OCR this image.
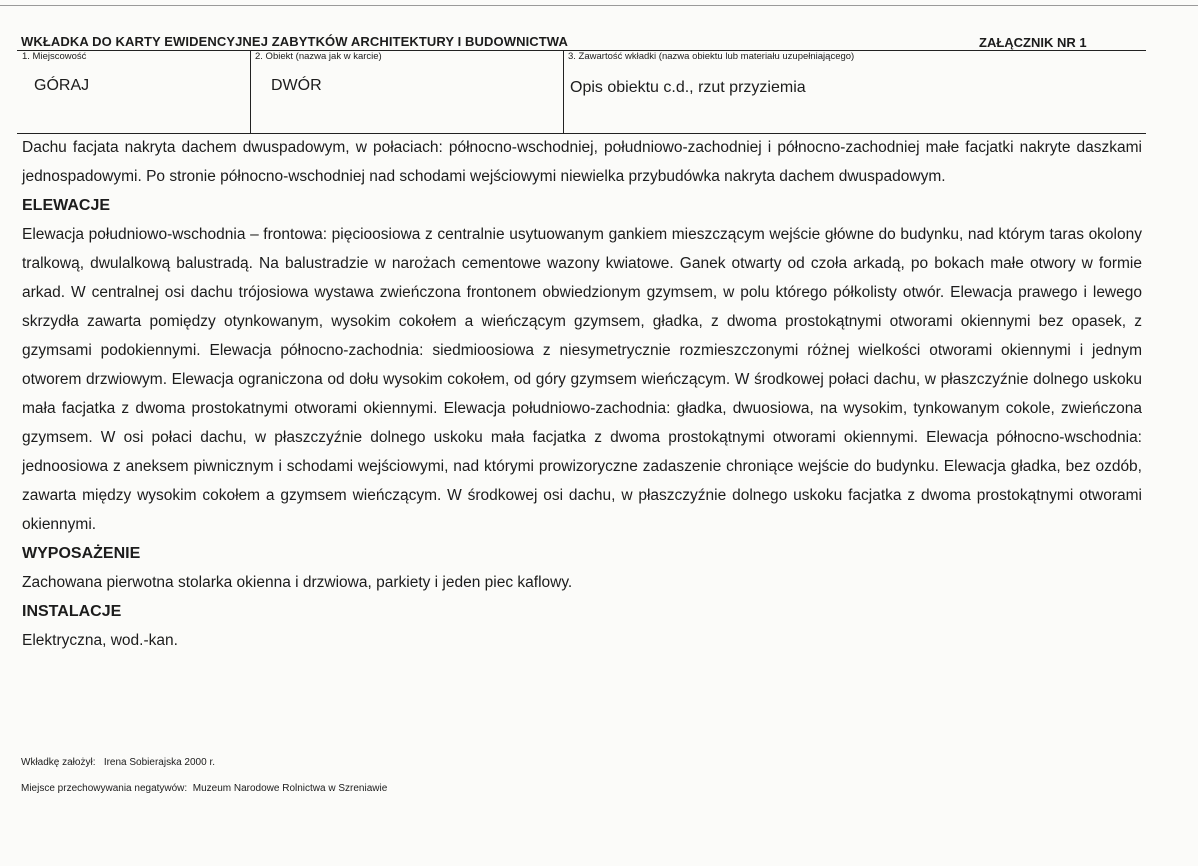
WKŁADKA DO KARTY EWIDENCYJNEJ ZABYTKÓW ARCHITEKTURY I BUDOWNICTWA	ZAŁĄCZNIK NR 1
1. Miejscowość
GÓRAJ
2. Obiekt (nazwa jak w karcie)
DWÓR
3. Zawartość wkładki (nazwa obiektu lub materiału uzupełniającego)
Opis obiektu c.d., rzut przyziemia

Dachu facjata nakryta dachem dwuspadowym, w połaciach: północno-wschodniej, południowo-zachodniej i północno-zachodniej małe facjatki nakryte daszkami jednospadowymi. Po stronie północno-wschodniej nad schodami wejściowymi niewielka przybudówka nakryta dachem dwuspadowym.

ELEWACJE

Elewacja południowo-wschodnia – frontowa: pięcioosiowa z centralnie usytuowanym gankiem mieszczącym wejście główne do budynku, nad którym taras okolony tralkową, dwulalkową balustradą. Na balustradzie w narożach cementowe wazony kwiatowe. Ganek otwarty od czoła arkadą, po bokach małe otwory w formie arkad. W centralnej osi dachu trójosiowa wystawa zwieńczona frontonem obwiedzionym gzymsem, w polu którego półkolisty otwór. Elewacja prawego i lewego skrzydła zawarta pomiędzy otynkowanym, wysokim cokołem a wieńczącym gzymsem, gładka, z dwoma prostokątnymi otworami okiennymi bez opasek, z gzymsami podokiennymi. Elewacja północno-zachodnia: siedmioosiowa z niesymetrycznie rozmieszczonymi różnej wielkości otworami okiennymi i jednym otworem drzwiowym. Elewacja ograniczona od dołu wysokim cokołem, od góry gzymsem wieńczącym. W środkowej połaci dachu, w płaszczyźnie dolnego uskoku mała facjatka z dwoma prostokatnymi otworami okiennymi. Elewacja południowo-zachodnia: gładka, dwuosiowa, na wysokim, tynkowanym cokole, zwieńczona gzymsem. W osi połaci dachu, w płaszczyźnie dolnego uskoku mała facjatka z dwoma prostokątnymi otworami okiennymi. Elewacja północno-wschodnia: jednoosiowa z aneksem piwnicznym i schodami wejściowymi, nad którymi prowizoryczne zadaszenie chroniące wejście do budynku. Elewacja gładka, bez ozdób, zawarta między wysokim cokołem a gzymsem wieńczącym. W środkowej osi dachu, w płaszczyźnie dolnego uskoku facjatka z dwoma prostokątnymi otworami okiennymi.

WYPOSAŻENIE

Zachowana pierwotna stolarka okienna i drzwiowa, parkiety i jeden piec kaflowy.

INSTALACJE

Elektryczna, wod.-kan.

Wkładkę założył: Irena Sobierajska 2000 r.
Miejsce przechowywania negatywów: Muzeum Narodowe Rolnictwa w Szreniawie
